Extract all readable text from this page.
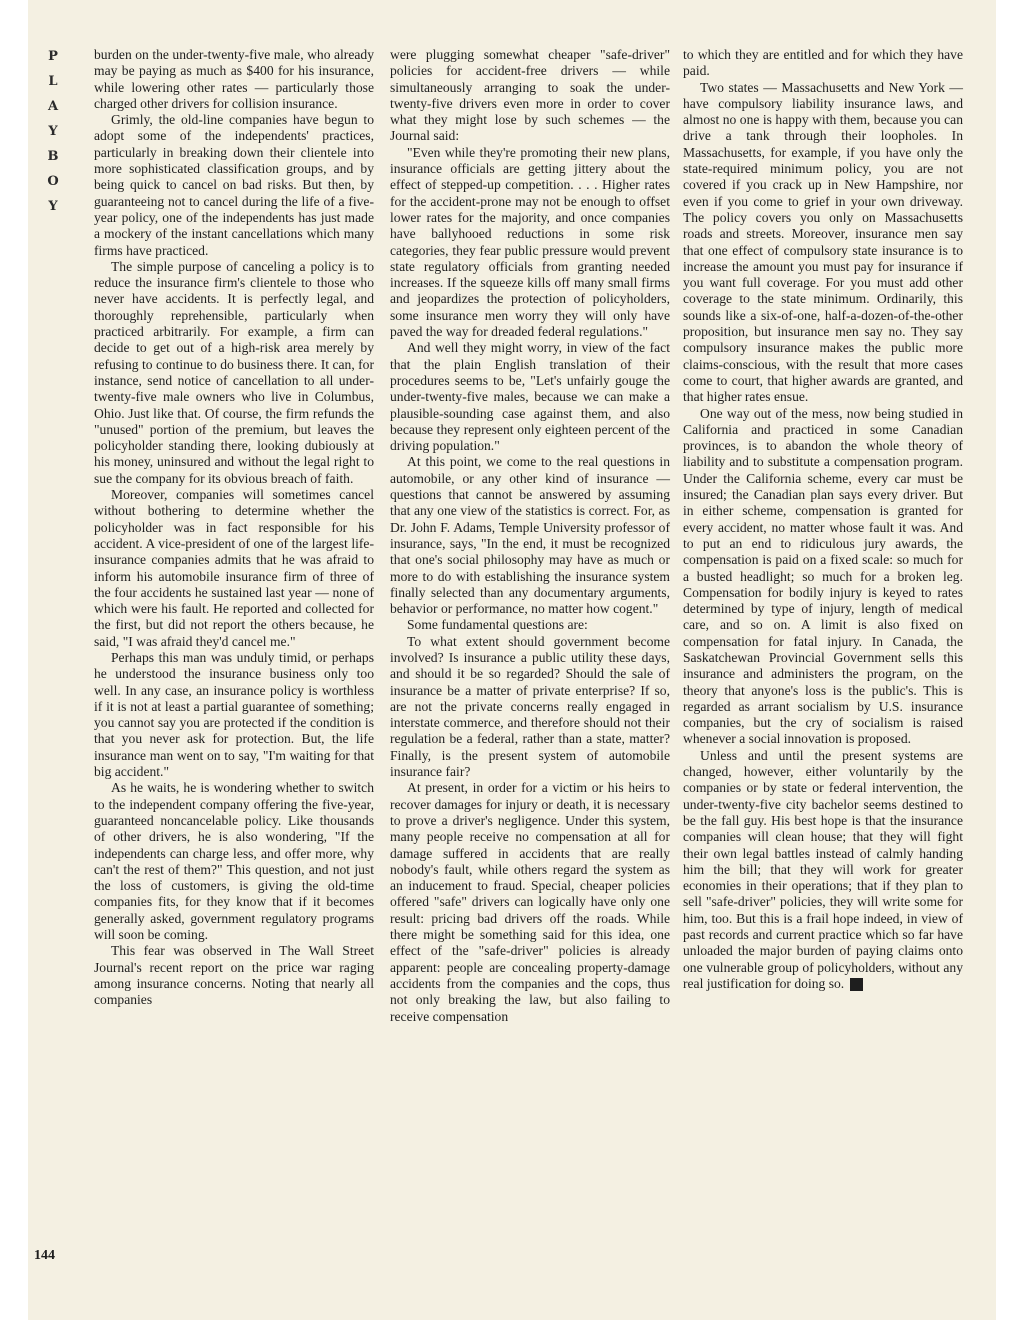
P
L
A
Y
B
O
Y

burden on the under-twenty-five male, who already may be paying as much as $400 for his insurance, while lowering other rates — particularly those charged other drivers for collision insurance.

Grimly, the old-line companies have begun to adopt some of the independents' practices, particularly in breaking down their clientele into more sophisticated classification groups, and by being quick to cancel on bad risks. But then, by guaranteeing not to cancel during the life of a five-year policy, one of the independents has just made a mockery of the instant cancellations which many firms have practiced.

The simple purpose of canceling a policy is to reduce the insurance firm's clientele to those who never have accidents. It is perfectly legal, and thoroughly reprehensible, particularly when practiced arbitrarily. For example, a firm can decide to get out of a high-risk area merely by refusing to continue to do business there. It can, for instance, send notice of cancellation to all under-twenty-five male owners who live in Columbus, Ohio. Just like that. Of course, the firm refunds the "unused" portion of the premium, but leaves the policyholder standing there, looking dubiously at his money, uninsured and without the legal right to sue the company for its obvious breach of faith.

Moreover, companies will sometimes cancel without bothering to determine whether the policyholder was in fact responsible for his accident. A vice-president of one of the largest life-insurance companies admits that he was afraid to inform his automobile insurance firm of three of the four accidents he sustained last year — none of which were his fault. He reported and collected for the first, but did not report the others because, he said, "I was afraid they'd cancel me."

Perhaps this man was unduly timid, or perhaps he understood the insurance business only too well. In any case, an insurance policy is worthless if it is not at least a partial guarantee of something; you cannot say you are protected if the condition is that you never ask for protection. But, the life insurance man went on to say, "I'm waiting for that big accident."

As he waits, he is wondering whether to switch to the independent company offering the five-year, guaranteed noncancelable policy. Like thousands of other drivers, he is also wondering, "If the independents can charge less, and offer more, why can't the rest of them?" This question, and not just the loss of customers, is giving the old-time companies fits, for they know that if it becomes generally asked, government regulatory programs will soon be coming.

This fear was observed in The Wall Street Journal's recent report on the price war raging among insurance concerns. Noting that nearly all companies

were plugging somewhat cheaper "safe-driver" policies for accident-free drivers — while simultaneously arranging to soak the under-twenty-five drivers even more in order to cover what they might lose by such schemes — the Journal said:

"Even while they're promoting their new plans, insurance officials are getting jittery about the effect of stepped-up competition. . . . Higher rates for the accident-prone may not be enough to offset lower rates for the majority, and once companies have ballyhooed reductions in some risk categories, they fear public pressure would prevent state regulatory officials from granting needed increases. If the squeeze kills off many small firms and jeopardizes the protection of policyholders, some insurance men worry they will only have paved the way for dreaded federal regulations."

And well they might worry, in view of the fact that the plain English translation of their procedures seems to be, "Let's unfairly gouge the under-twenty-five males, because we can make a plausible-sounding case against them, and also because they represent only eighteen percent of the driving population."

At this point, we come to the real questions in automobile, or any other kind of insurance — questions that cannot be answered by assuming that any one view of the statistics is correct. For, as Dr. John F. Adams, Temple University professor of insurance, says, "In the end, it must be recognized that one's social philosophy may have as much or more to do with establishing the insurance system finally selected than any documentary arguments, behavior or performance, no matter how cogent."

Some fundamental questions are:

To what extent should government become involved? Is insurance a public utility these days, and should it be so regarded? Should the sale of insurance be a matter of private enterprise? If so, are not the private concerns really engaged in interstate commerce, and therefore should not their regulation be a federal, rather than a state, matter? Finally, is the present system of automobile insurance fair?

At present, in order for a victim or his heirs to recover damages for injury or death, it is necessary to prove a driver's negligence. Under this system, many people receive no compensation at all for damage suffered in accidents that are really nobody's fault, while others regard the system as an inducement to fraud. Special, cheaper policies offered "safe" drivers can logically have only one result: pricing bad drivers off the roads. While there might be something said for this idea, one effect of the "safe-driver" policies is already apparent: people are concealing property-damage accidents from the companies and the cops, thus not only breaking the law, but also failing to receive compensation

to which they are entitled and for which they have paid.

Two states — Massachusetts and New York — have compulsory liability insurance laws, and almost no one is happy with them, because you can drive a tank through their loopholes. In Massachusetts, for example, if you have only the state-required minimum policy, you are not covered if you crack up in New Hampshire, nor even if you come to grief in your own driveway. The policy covers you only on Massachusetts roads and streets. Moreover, insurance men say that one effect of compulsory state insurance is to increase the amount you must pay for insurance if you want full coverage. For you must add other coverage to the state minimum. Ordinarily, this sounds like a six-of-one, half-a-dozen-of-the-other proposition, but insurance men say no. They say compulsory insurance makes the public more claims-conscious, with the result that more cases come to court, that higher awards are granted, and that higher rates ensue.

One way out of the mess, now being studied in California and practiced in some Canadian provinces, is to abandon the whole theory of liability and to substitute a compensation program. Under the California scheme, every car must be insured; the Canadian plan says every driver. But in either scheme, compensation is granted for every accident, no matter whose fault it was. And to put an end to ridiculous jury awards, the compensation is paid on a fixed scale: so much for a busted headlight; so much for a broken leg. Compensation for bodily injury is keyed to rates determined by type of injury, length of medical care, and so on. A limit is also fixed on compensation for fatal injury. In Canada, the Saskatchewan Provincial Government sells this insurance and administers the program, on the theory that anyone's loss is the public's. This is regarded as arrant socialism by U.S. insurance companies, but the cry of socialism is raised whenever a social innovation is proposed.

Unless and until the present systems are changed, however, either voluntarily by the companies or by state or federal intervention, the under-twenty-five city bachelor seems destined to be the fall guy. His best hope is that the insurance companies will clean house; that they will fight their own legal battles instead of calmly handing him the bill; that they will work for greater economies in their operations; that if they plan to sell "safe-driver" policies, they will write some for him, too. But this is a frail hope indeed, in view of past records and current practice which so far have unloaded the major burden of paying claims onto one vulnerable group of policyholders, without any real justification for doing so.	♠

144
